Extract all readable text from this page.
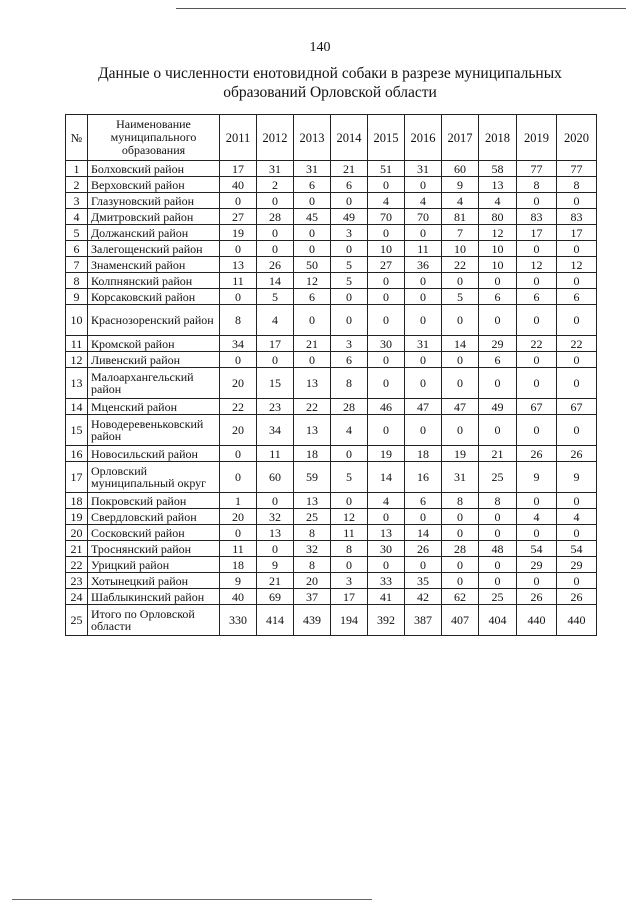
140
Данные о численности енотовидной собаки в разрезе муниципальных
образований Орловской области
№	Наименование
муниципального
образования	2011	2012	2013	2014	2015	2016	2017	2018	2019	2020
1	Болховский район	17	31	31	21	51	31	60	58	77	77
2	Верховский район	40	2	6	6	0	0	9	13	8	8
3	Глазуновский район	0	0	0	0	4	4	4	4	0	0
4	Дмитровский район	27	28	45	49	70	70	81	80	83	83
5	Должанский район	19	0	0	3	0	0	7	12	17	17
6	Залегощенский район	0	0	0	0	10	11	10	10	0	0
7	Знаменский район	13	26	50	5	27	36	22	10	12	12
8	Колпнянский район	11	14	12	5	0	0	0	0	0	0
9	Корсаковский район	0	5	6	0	0	0	5	6	6	6
10	Краснозоренский район	8	4	0	0	0	0	0	0	0	0
11	Кромской район	34	17	21	3	30	31	14	29	22	22
12	Ливенский район	0	0	0	6	0	0	0	6	0	0
13	Малоархангельский район	20	15	13	8	0	0	0	0	0	0
14	Мценский район	22	23	22	28	46	47	47	49	67	67
15	Новодеревеньковский район	20	34	13	4	0	0	0	0	0	0
16	Новосильский район	0	11	18	0	19	18	19	21	26	26
17	Орловский муниципальный округ	0	60	59	5	14	16	31	25	9	9
18	Покровский район	1	0	13	0	4	6	8	8	0	0
19	Свердловский район	20	32	25	12	0	0	0	0	4	4
20	Сосковский район	0	13	8	11	13	14	0	0	0	0
21	Троснянский район	11	0	32	8	30	26	28	48	54	54
22	Урицкий район	18	9	8	0	0	0	0	0	29	29
23	Хотынецкий район	9	21	20	3	33	35	0	0	0	0
24	Шаблыкинский район	40	69	37	17	41	42	62	25	26	26
25	Итого по Орловской области	330	414	439	194	392	387	407	404	440	440
